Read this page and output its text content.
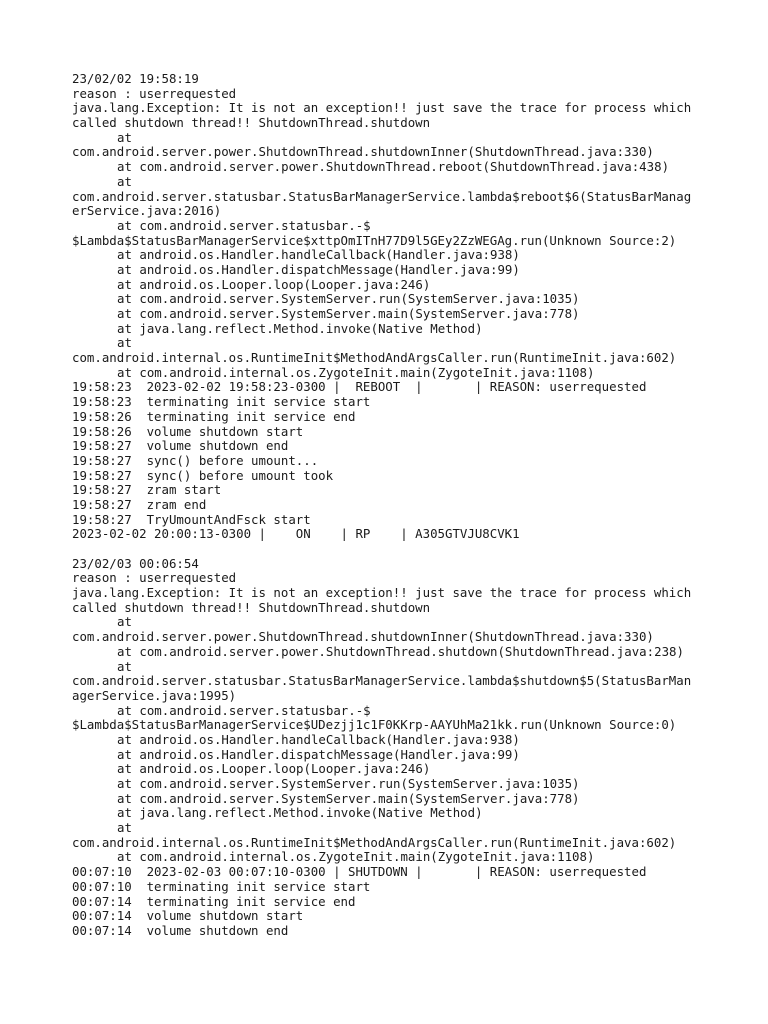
23/02/02 19:58:19
reason : userrequested
java.lang.Exception: It is not an exception!! just save the trace for process which
called shutdown thread!! ShutdownThread.shutdown
at
com.android.server.power.ShutdownThread.shutdownInner(ShutdownThread.java:330)
at com.android.server.power.ShutdownThread.reboot(ShutdownThread.java:438)
at
com.android.server.statusbar.StatusBarManagerService.lambda$reboot$6(StatusBarManag
erService.java:2016)
at com.android.server.statusbar.-$
$Lambda$StatusBarManagerService$xttpOmITnH77D9l5GEy2ZzWEGAg.run(Unknown Source:2)
at android.os.Handler.handleCallback(Handler.java:938)
at android.os.Handler.dispatchMessage(Handler.java:99)
at android.os.Looper.loop(Looper.java:246)
at com.android.server.SystemServer.run(SystemServer.java:1035)
at com.android.server.SystemServer.main(SystemServer.java:778)
at java.lang.reflect.Method.invoke(Native Method)
at
com.android.internal.os.RuntimeInit$MethodAndArgsCaller.run(RuntimeInit.java:602)
at com.android.internal.os.ZygoteInit.main(ZygoteInit.java:1108)
19:58:23  2023-02-02 19:58:23-0300 |  REBOOT  |       | REASON: userrequested
19:58:23  terminating init service start
19:58:26  terminating init service end
19:58:26  volume shutdown start
19:58:27  volume shutdown end
19:58:27  sync() before umount...
19:58:27  sync() before umount took
19:58:27  zram start
19:58:27  zram end
19:58:27  TryUmountAndFsck start
2023-02-02 20:00:13-0300 |    ON    | RP    | A305GTVJU8CVK1
23/02/03 00:06:54
reason : userrequested
java.lang.Exception: It is not an exception!! just save the trace for process which
called shutdown thread!! ShutdownThread.shutdown
at
com.android.server.power.ShutdownThread.shutdownInner(ShutdownThread.java:330)
at com.android.server.power.ShutdownThread.shutdown(ShutdownThread.java:238)
at
com.android.server.statusbar.StatusBarManagerService.lambda$shutdown$5(StatusBarMan
agerService.java:1995)
at com.android.server.statusbar.-$
$Lambda$StatusBarManagerService$UDezjj1c1F0KKrp-AAYUhMa21kk.run(Unknown Source:0)
at android.os.Handler.handleCallback(Handler.java:938)
at android.os.Handler.dispatchMessage(Handler.java:99)
at android.os.Looper.loop(Looper.java:246)
at com.android.server.SystemServer.run(SystemServer.java:1035)
at com.android.server.SystemServer.main(SystemServer.java:778)
at java.lang.reflect.Method.invoke(Native Method)
at
com.android.internal.os.RuntimeInit$MethodAndArgsCaller.run(RuntimeInit.java:602)
at com.android.internal.os.ZygoteInit.main(ZygoteInit.java:1108)
00:07:10  2023-02-03 00:07:10-0300 | SHUTDOWN |       | REASON: userrequested
00:07:10  terminating init service start
00:07:14  terminating init service end
00:07:14  volume shutdown start
00:07:14  volume shutdown end
